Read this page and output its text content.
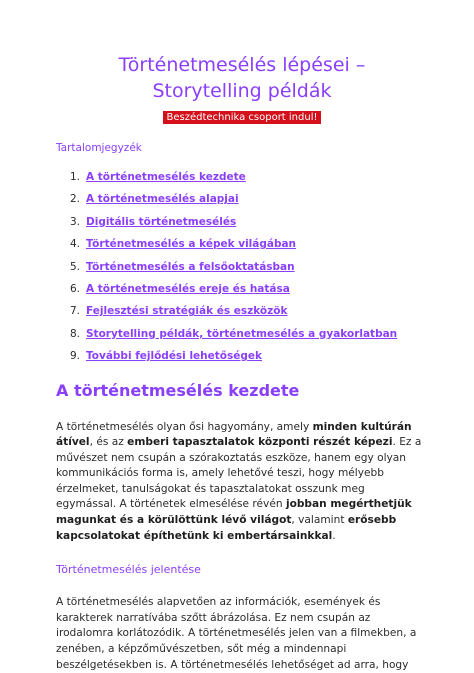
Történetmesélés lépései –
Storytelling példák
Beszédtechnika csoport indul!
Tartalomjegyzék
1. A történetmesélés kezdete
2. A történetmesélés alapjai
3. Digitális történetmesélés
4. Történetmesélés a képek világában
5. Történetmesélés a felsőoktatásban
6. A történetmesélés ereje és hatása
7. Fejlesztési stratégiák és eszközök
8. Storytelling példák, történetmesélés a gyakorlatban
9. További fejlődési lehetőségek
A történetmesélés kezdete

A történetmesélés olyan ősi hagyomány, amely minden kultúrán átível, és az emberi tapasztalatok központi részét képezi. Ez a művészet nem csupán a szórakoztatás eszköze, hanem egy olyan kommunikációs forma is, amely lehetővé teszi, hogy mélyebb érzelmeket, tanulságokat és tapasztalatokat osszunk meg egymással. A történetek elmesélése révén jobban megérthetjük magunkat és a körülöttünk lévő világot, valamint erősebb kapcsolatokat építhetünk ki embertársainkkal.

Történetmesélés jelentése

A történetmesélés alapvetően az információk, események és karakterek narratívába szőtt ábrázolása. Ez nem csupán az irodalomra korlátozódik. A történetmesélés jelen van a filmekben, a zenében, a képzőművészetben, sőt még a mindennapi beszélgetésekben is. A történetmesélés lehetőséget ad arra, hogy
